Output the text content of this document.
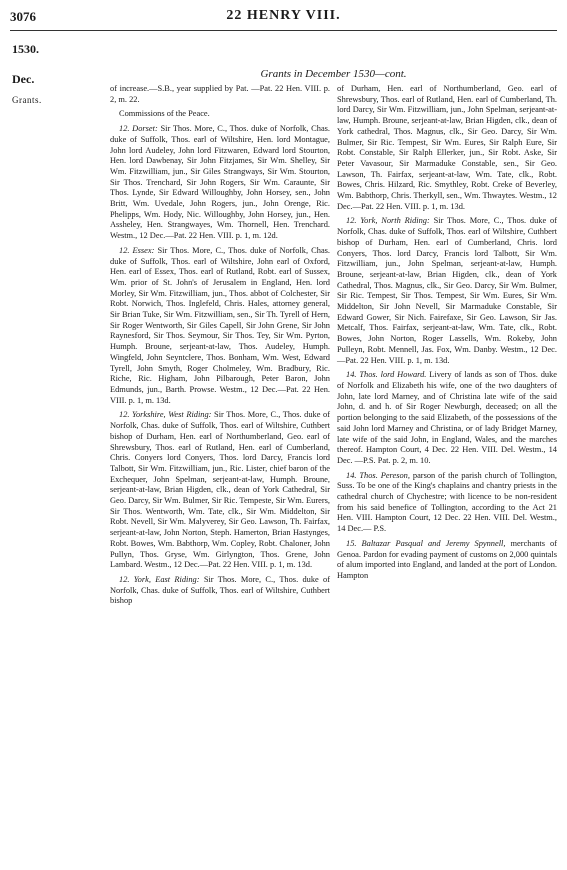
3076	22 HENRY VIII.
1530.
Dec.
Grants.
Grants in December 1530—cont.

of increase.—S.B., year supplied by Pat. —Pat. 22 Hen. VIII. p. 2, m. 22.

Commissions of the Peace.

12. Dorset: Sir Thos. More, C., Thos. duke of Norfolk, Chas. duke of Suffolk, Thos. earl of Wiltshire, Hen. lord Montague, John lord Audeley, John lord Fitzwaren, Edward lord Stourton, Hen. lord Dawbenay, Sir John Fitzjames, Sir Wm. Shelley, Sir Wm. Fitzwilliam, jun., Sir Giles Strangways, Sir Wm. Stourton, Sir Thos. Trenchard, Sir John Rogers, Sir Wm. Caraunte, Sir Thos. Lynde, Sir Edward Willoughby, John Horsey, sen., John Britt, Wm. Uvedale, John Rogers, jun., John Orenge, Ric. Phelipps, Wm. Hody, Nic. Willoughby, John Horsey, jun., Hen. Assheley, Hen. Strangwayes, Wm. Thornell, Hen. Trenchard. Westm., 12 Dec.—Pat. 22 Hen. VIII. p. 1, m. 12d.

12. Essex: Sir Thos. More, C., Thos. duke of Norfolk, Chas. duke of Suffolk, Thos. earl of Wiltshire, John earl of Oxford, Hen. earl of Essex, Thos. earl of Rutland, Robt. earl of Sussex, Wm. prior of St. John's of Jerusalem in England, Hen. lord Morley, Sir Wm. Fitzwilliam, jun., Thos. abbot of Colchester, Sir Robt. Norwich, Thos. Inglefeld, Chris. Hales, attorney general, Sir Brian Tuke, Sir Wm. Fitzwilliam, sen., Sir Th. Tyrell of Hern, Sir Roger Wentworth, Sir Giles Capell, Sir John Grene, Sir John Raynesford, Sir Thos. Seymour, Sir Thos. Tey, Sir Wm. Pyrton, Humph. Broune, serjeant-at-law, Thos. Audeley, Humph. Wingfeld, John Seyntclere, Thos. Bonham, Wm. West, Edward Tyrell, John Smyth, Roger Cholmeley, Wm. Bradbury, Ric. Riche, Ric. Higham, John Pilbarough, Peter Baron, John Edmunds, jun., Barth. Prowse. Westm., 12 Dec.—Pat. 22 Hen. VIII. p. 1, m. 13d.

12. Yorkshire, West Riding: Sir Thos. More, C., Thos. duke of Norfolk, Chas. duke of Suffolk, Thos. earl of Wiltshire, Cuthbert bishop of Durham, Hen. earl of Northumberland, Geo. earl of Shrewsbury, Thos. earl of Rutland, Hen. earl of Cumberland, Chris. Conyers lord Conyers, Thos. lord Darcy, Francis lord Talbott, Sir Wm. Fitzwilliam, jun., Ric. Lister, chief baron of the Exchequer, John Spelman, serjeant-at-law, Humph. Broune, serjeant-at-law, Brian Higden, clk., dean of York Cathedral, Sir Geo. Darcy, Sir Wm. Bulmer, Sir Ric. Tempeste, Sir Wm. Eurers, Sir Thos. Wentworth, Wm. Tate, clk., Sir Wm. Middelton, Sir Robt. Nevell, Sir Wm. Malyverey, Sir Geo. Lawson, Th. Fairfax, serjeant-at-law, John Norton, Steph. Hamerton, Brian Hastynges, Robt. Bowes, Wm. Babthorp, Wm. Copley, Robt. Chaloner, John Pullyn, Thos. Gryse, Wm. Girlyngton, Thos. Grene, John Lambard. Westm., 12 Dec.—Pat. 22 Hen. VIII. p. 1, m. 13d.

12. York, East Riding: Sir Thos. More, C., Thos. duke of Norfolk, Chas. duke of Suffolk, Thos. earl of Wiltshire, Cuthbert bishop

of Durham, Hen. earl of Northumberland, Geo. earl of Shrewsbury, Thos. earl of Rutland, Hen. earl of Cumberland, Th. lord Darcy, Sir Wm. Fitzwilliam, jun., John Spelman, serjeant-at-law, Humph. Broune, serjeant-at-law, Brian Higden, clk., dean of York cathedral, Thos. Magnus, clk., Sir Geo. Darcy, Sir Wm. Bulmer, Sir Ric. Tempest, Sir Wm. Eures, Sir Ralph Eure, Sir Robt. Constable, Sir Ralph Ellerker, jun., Sir Robt. Aske, Sir Peter Vavasour, Sir Marmaduke Constable, sen., Sir Geo. Lawson, Th. Fairfax, serjeant-at-law, Wm. Tate, clk., Robt. Bowes, Chris. Hilzard, Ric. Smythley, Robt. Creke of Beverley, Wm. Babthorp, Chris. Therkyll, sen., Wm. Thwaytes. Westm., 12 Dec.—Pat. 22 Hen. VIII. p. 1, m. 13d.

12. York, North Riding: Sir Thos. More, C., Thos. duke of Norfolk, Chas. duke of Suffolk, Thos. earl of Wiltshire, Cuthbert bishop of Durham, Hen. earl of Cumberland, Chris. lord Conyers, Thos. lord Darcy, Francis lord Talbott, Sir Wm. Fitzwilliam, jun., John Spelman, serjeant-at-law, Humph. Broune, serjeant-at-law, Brian Higden, clk., dean of York Cathedral, Thos. Magnus, clk., Sir Geo. Darcy, Sir Wm. Bulmer, Sir Ric. Tempest, Sir Thos. Tempest, Sir Wm. Eures, Sir Wm. Middelton, Sir John Nevell, Sir Marmaduke Constable, Sir Edward Gower, Sir Nich. Fairefaxe, Sir Geo. Lawson, Sir Jas. Metcalf, Thos. Fairfax, serjeant-at-law, Wm. Tate, clk., Robt. Bowes, John Norton, Roger Lassells, Wm. Rokeby, John Pulleyn, Robt. Mennell, Jas. Fox, Wm. Danby. Westm., 12 Dec.—Pat. 22 Hen. VIII. p. 1, m. 13d.

14. Thos. lord Howard. Livery of lands as son of Thos. duke of Norfolk and Elizabeth his wife, one of the two daughters of John, late lord Marney, and of Christina late wife of the said John, d. and h. of Sir Roger Newburgh, deceased; on all the portion belonging to the said Elizabeth, of the possessions of the said John lord Marney and Christina, or of lady Bridget Marney, late wife of the said John, in England, Wales, and the marches thereof. Hampton Court, 4 Dec. 22 Hen. VIII. Del. Westm., 14 Dec. —P.S. Pat. p. 2, m. 10.

14. Thos. Pereson, parson of the parish church of Tollington, Suss. To be one of the King's chaplains and chantry priests in the cathedral church of Chychestre; with licence to be non-resident from his said benefice of Tollington, according to the Act 21 Hen. VIII. Hampton Court, 12 Dec. 22 Hen. VIII. Del. Westm., 14 Dec.— P.S.

15. Baltazar Pasqual and Jeremy Spynnell, merchants of Genoa. Pardon for evading payment of customs on 2,000 quintals of alum imported into England, and landed at the port of London. Hampton
